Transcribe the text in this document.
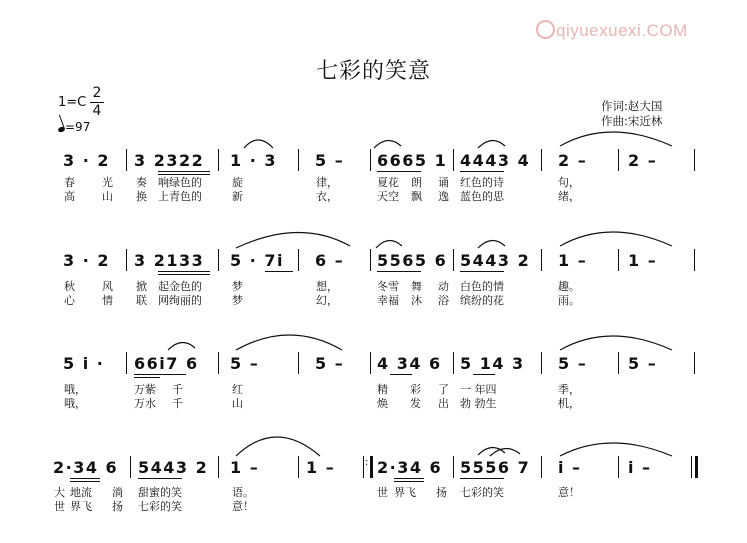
qiyuexuexi.COM
七彩的笑意
1=C
2
4
=97
作词:赵大国
作曲:宋近林
3 · 2 3 2322 1 · 3 5 – 6665 1 4443 4 2 –	2 –
春 光 奏 响绿色的	旋	律，	夏花 朗 诵 红色的诗	句，
高 山 换 上青色的	新	衣，	天空 飘 逸 蓝色的思	绪，
3 · 2 3 2133 5 · 7i 6 – 5565 6 5443 2 1 –	1 –
秋 风 掀 起金色的	梦	想，	冬雪 舞 动 白色的情	趣。
心 情 联 网绚丽的	梦	幻，	幸福 沐 浴 缤纷的花	雨。
5 i · 66i7 6 5 –	5 – 4 34 6 5 14 3 5 –	5 –
哦，	万紫 千	红	精 彩 了 一 年四	季，
哦，	万水 千	山	焕 发 出 勃 勃生	机，
2·34 6 5443 2 1 –	1 –	: 2·34 6 5556 7 i –	i –
大 地流 淌 甜蜜的笑	语。	世 界飞 扬 七彩的笑	意！
世 界飞 扬 七彩的笑	意！
